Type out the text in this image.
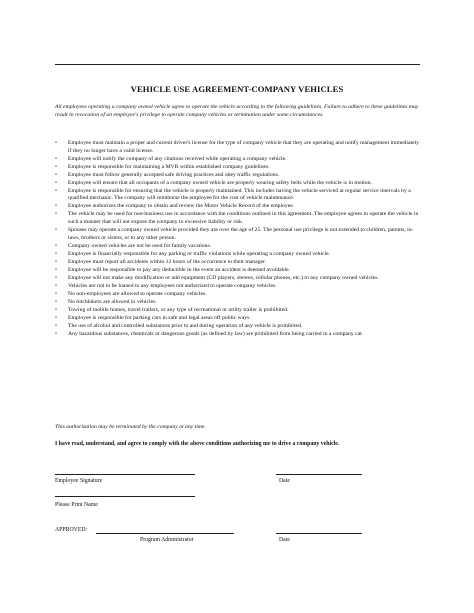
VEHICLE USE AGREEMENT-COMPANY VEHICLES
All employees operating a company owned vehicle agree to operate the vehicle according to the following guidelines. Failure to adhere to these guidelines may result in revocation of an employee's privilege to operate company vehicles or termination under some circumstances.
• Employee must maintain a proper and current driver's license for the type of company vehicle that they are operating and notify management immediately if they no longer have a valid license.
• Employee will notify the company of any citations received while operating a company vehicle.
• Employee is responsible for maintaining a MVR within established company guidelines.
• Employee must follow generally accepted safe driving practices and obey traffic regulations.
• Employee will ensure that all occupants of a company owned vehicle are properly wearing safety belts while the vehicle is in motion.
• Employee is responsible for ensuring that the vehicle is properly maintained. This includes having the vehicle serviced at regular service intervals by a qualified mechanic. The company will reimburse the employee for the cost of vehicle maintenance.
• Employee authorizes the company to obtain and review the Motor Vehicle Record of the employee.
• The vehicle may be used for non-business use in accordance with the conditions outlined in this agreement. The employee agrees to operate the vehicle in such a manner that will not expose the company to excessive liability or risk.
• Spouses may operate a company owned vehicle provided they are over the age of 25. The personal use privilege is not extended to children, parents, in-laws, brothers or sisters, or to any other person.
• Company owned vehicles are not be used for family vacations.
• Employee is financially responsible for any parking or traffic violations while operating a company owned vehicle.
• Employee must report all accidents within 12 hours of the occurrence to their manager.
• Employee will be responsible to pay any deductible in the event an accident is deemed avoidable.
• Employee will not make any modification or add equipment (CD players, stereos, cellular phones, etc.) to any company owned vehicles.
• Vehicles are not to be loaned to any employees not authorized to operate company vehicles.
• No non-employees are allowed to operate company vehicles.
• No hitchhikers are allowed in vehicles.
• Towing of mobile homes, travel trailers, or any type of recreational or utility trailer is prohibited.
• Employee is responsible for parking cars in safe and legal areas off public ways.
• The use of alcohol and controlled substances prior to and during operation of any vehicle is prohibited.
• Any hazardous substances, chemicals or dangerous goods (as defined by law) are prohibited from being carried in a company car.
This authorization may be terminated by the company at any time.
I have read, understand, and agree to comply with the above conditions authorizing me to drive a company vehicle.
Employee Signature	Date
Please Print Name
APPROVED:
Program Administrator	Date
